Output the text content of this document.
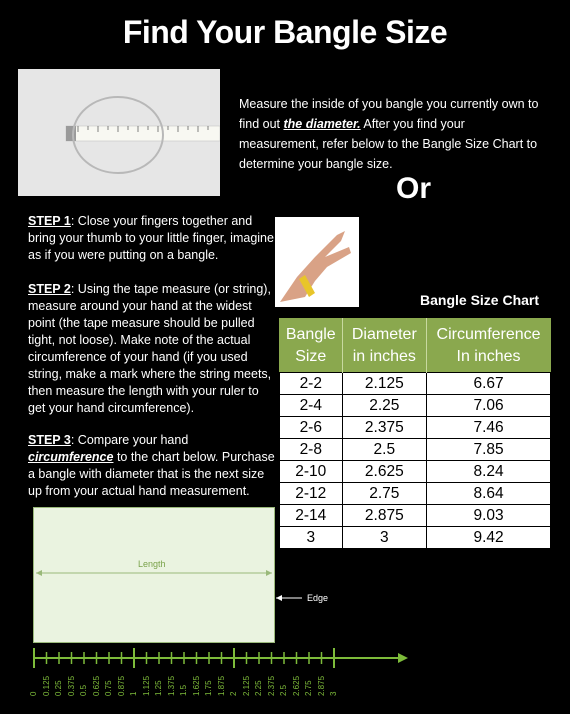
Find Your Bangle Size
Measure the inside of you bangle you currently own to find out the diameter. After you find your measurement, refer below to the Bangle Size Chart to determine your bangle size.
Or
STEP 1: Close your fingers together and bring your thumb to your little finger, imagine as if you were putting on a bangle.
STEP 2: Using the tape measure (or string), measure around your hand at the widest point (the tape measure should be pulled tight, not loose). Make note of the actual circumference of your hand (if you used string, make a mark where the string meets, then measure the length with your ruler to get your hand circumference).
STEP 3: Compare your hand circumference to the chart below. Purchase a bangle with diameter that is the next size up from your actual hand measurement.
Bangle Size Chart
Bangle Size	Diameter in inches	Circumference In inches
2-2	2.125	6.67
2-4	2.25	7.06
2-6	2.375	7.46
2-8	2.5	7.85
2-10	2.625	8.24
2-12	2.75	8.64
2-14	2.875	9.03
3	3	9.42
Length
Edge
0 0.125 0.25 0.375 0.5 0.625 0.75 0.875 1 1.125 1.25 1.375 1.5 1.625 1.75 1.875 2 2.125 2.25 2.375 2.5 2.625 2.75 2.875 3
